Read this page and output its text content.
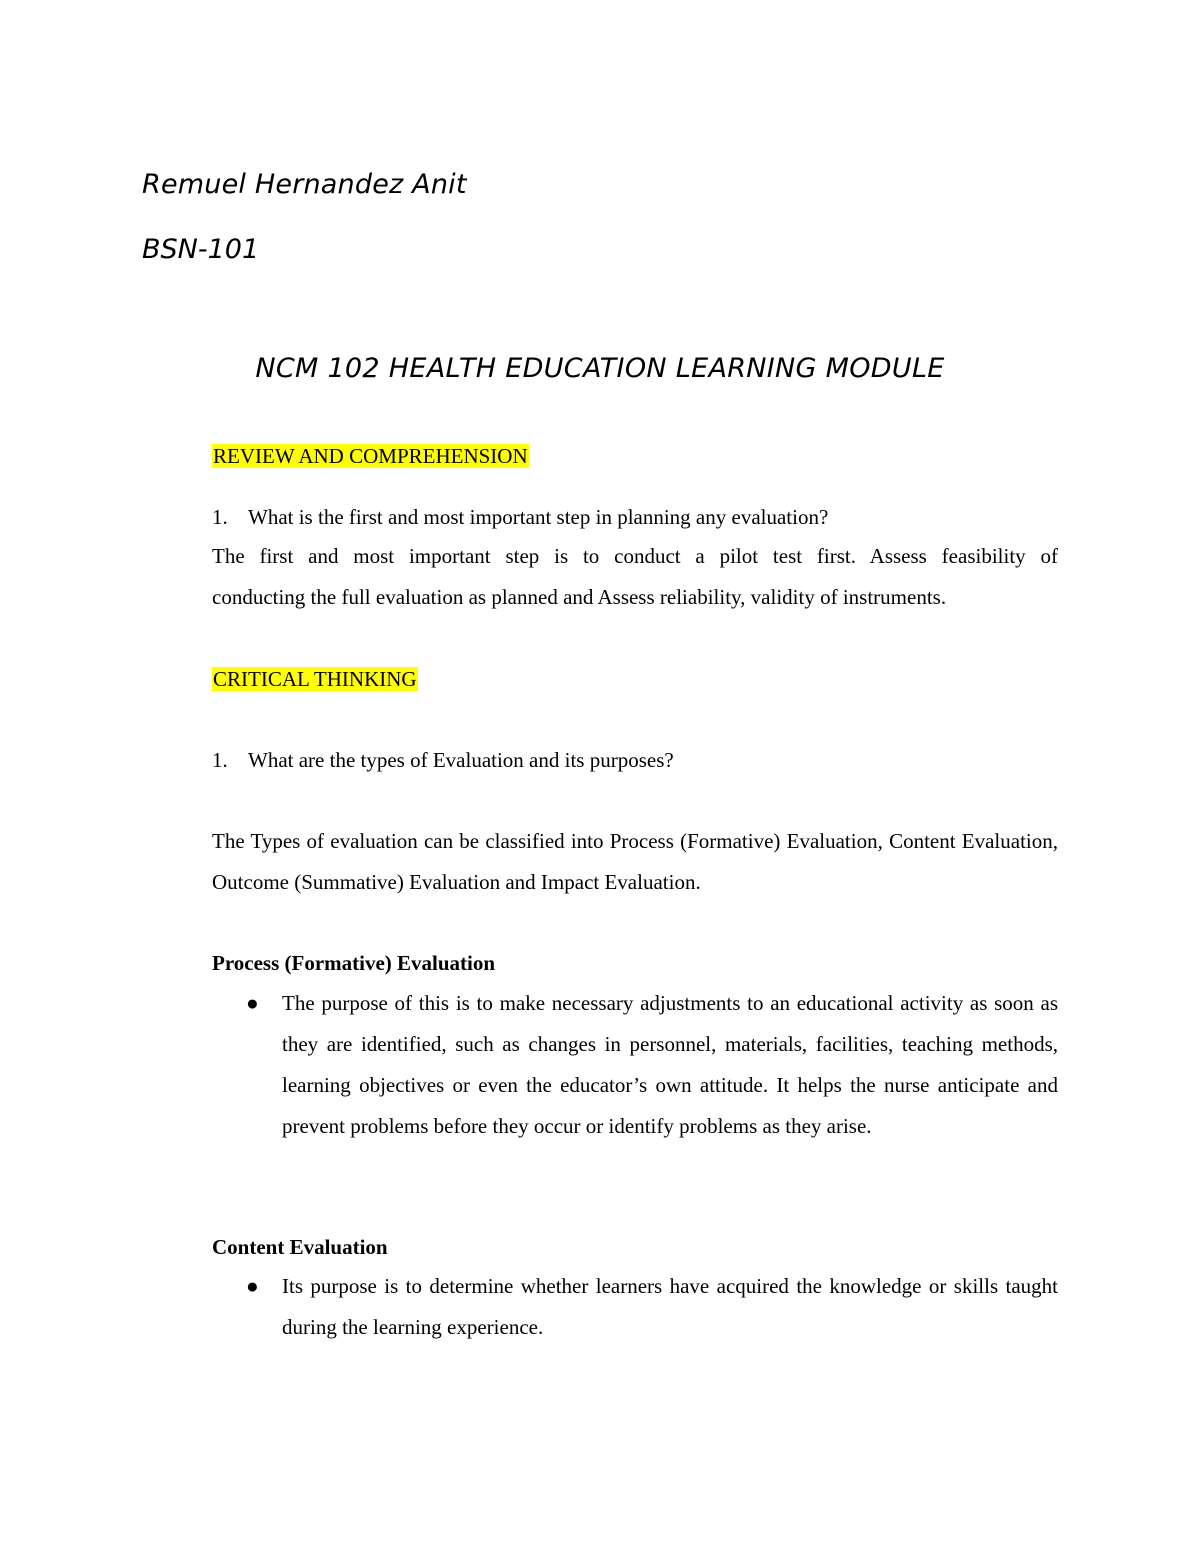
Remuel Hernandez Anit
BSN-101
NCM 102 HEALTH EDUCATION LEARNING MODULE
REVIEW AND COMPREHENSION
1. What is the first and most important step in planning any evaluation?
The first and most important step is to conduct a pilot test first. Assess feasibility of
conducting the full evaluation as planned and Assess reliability, validity of instruments.
CRITICAL THINKING
1. What are the types of Evaluation and its purposes?
The Types of evaluation can be classified into Process (Formative) Evaluation, Content Evaluation, Outcome (Summative) Evaluation and Impact Evaluation.
Process (Formative) Evaluation
● The purpose of this is to make necessary adjustments to an educational activity as soon as they are identified, such as changes in personnel, materials, facilities, teaching methods, learning objectives or even the educator’s own attitude. It helps the nurse anticipate and prevent problems before they occur or identify problems as they arise.
Content Evaluation
● Its purpose is to determine whether learners have acquired the knowledge or skills taught during the learning experience.
